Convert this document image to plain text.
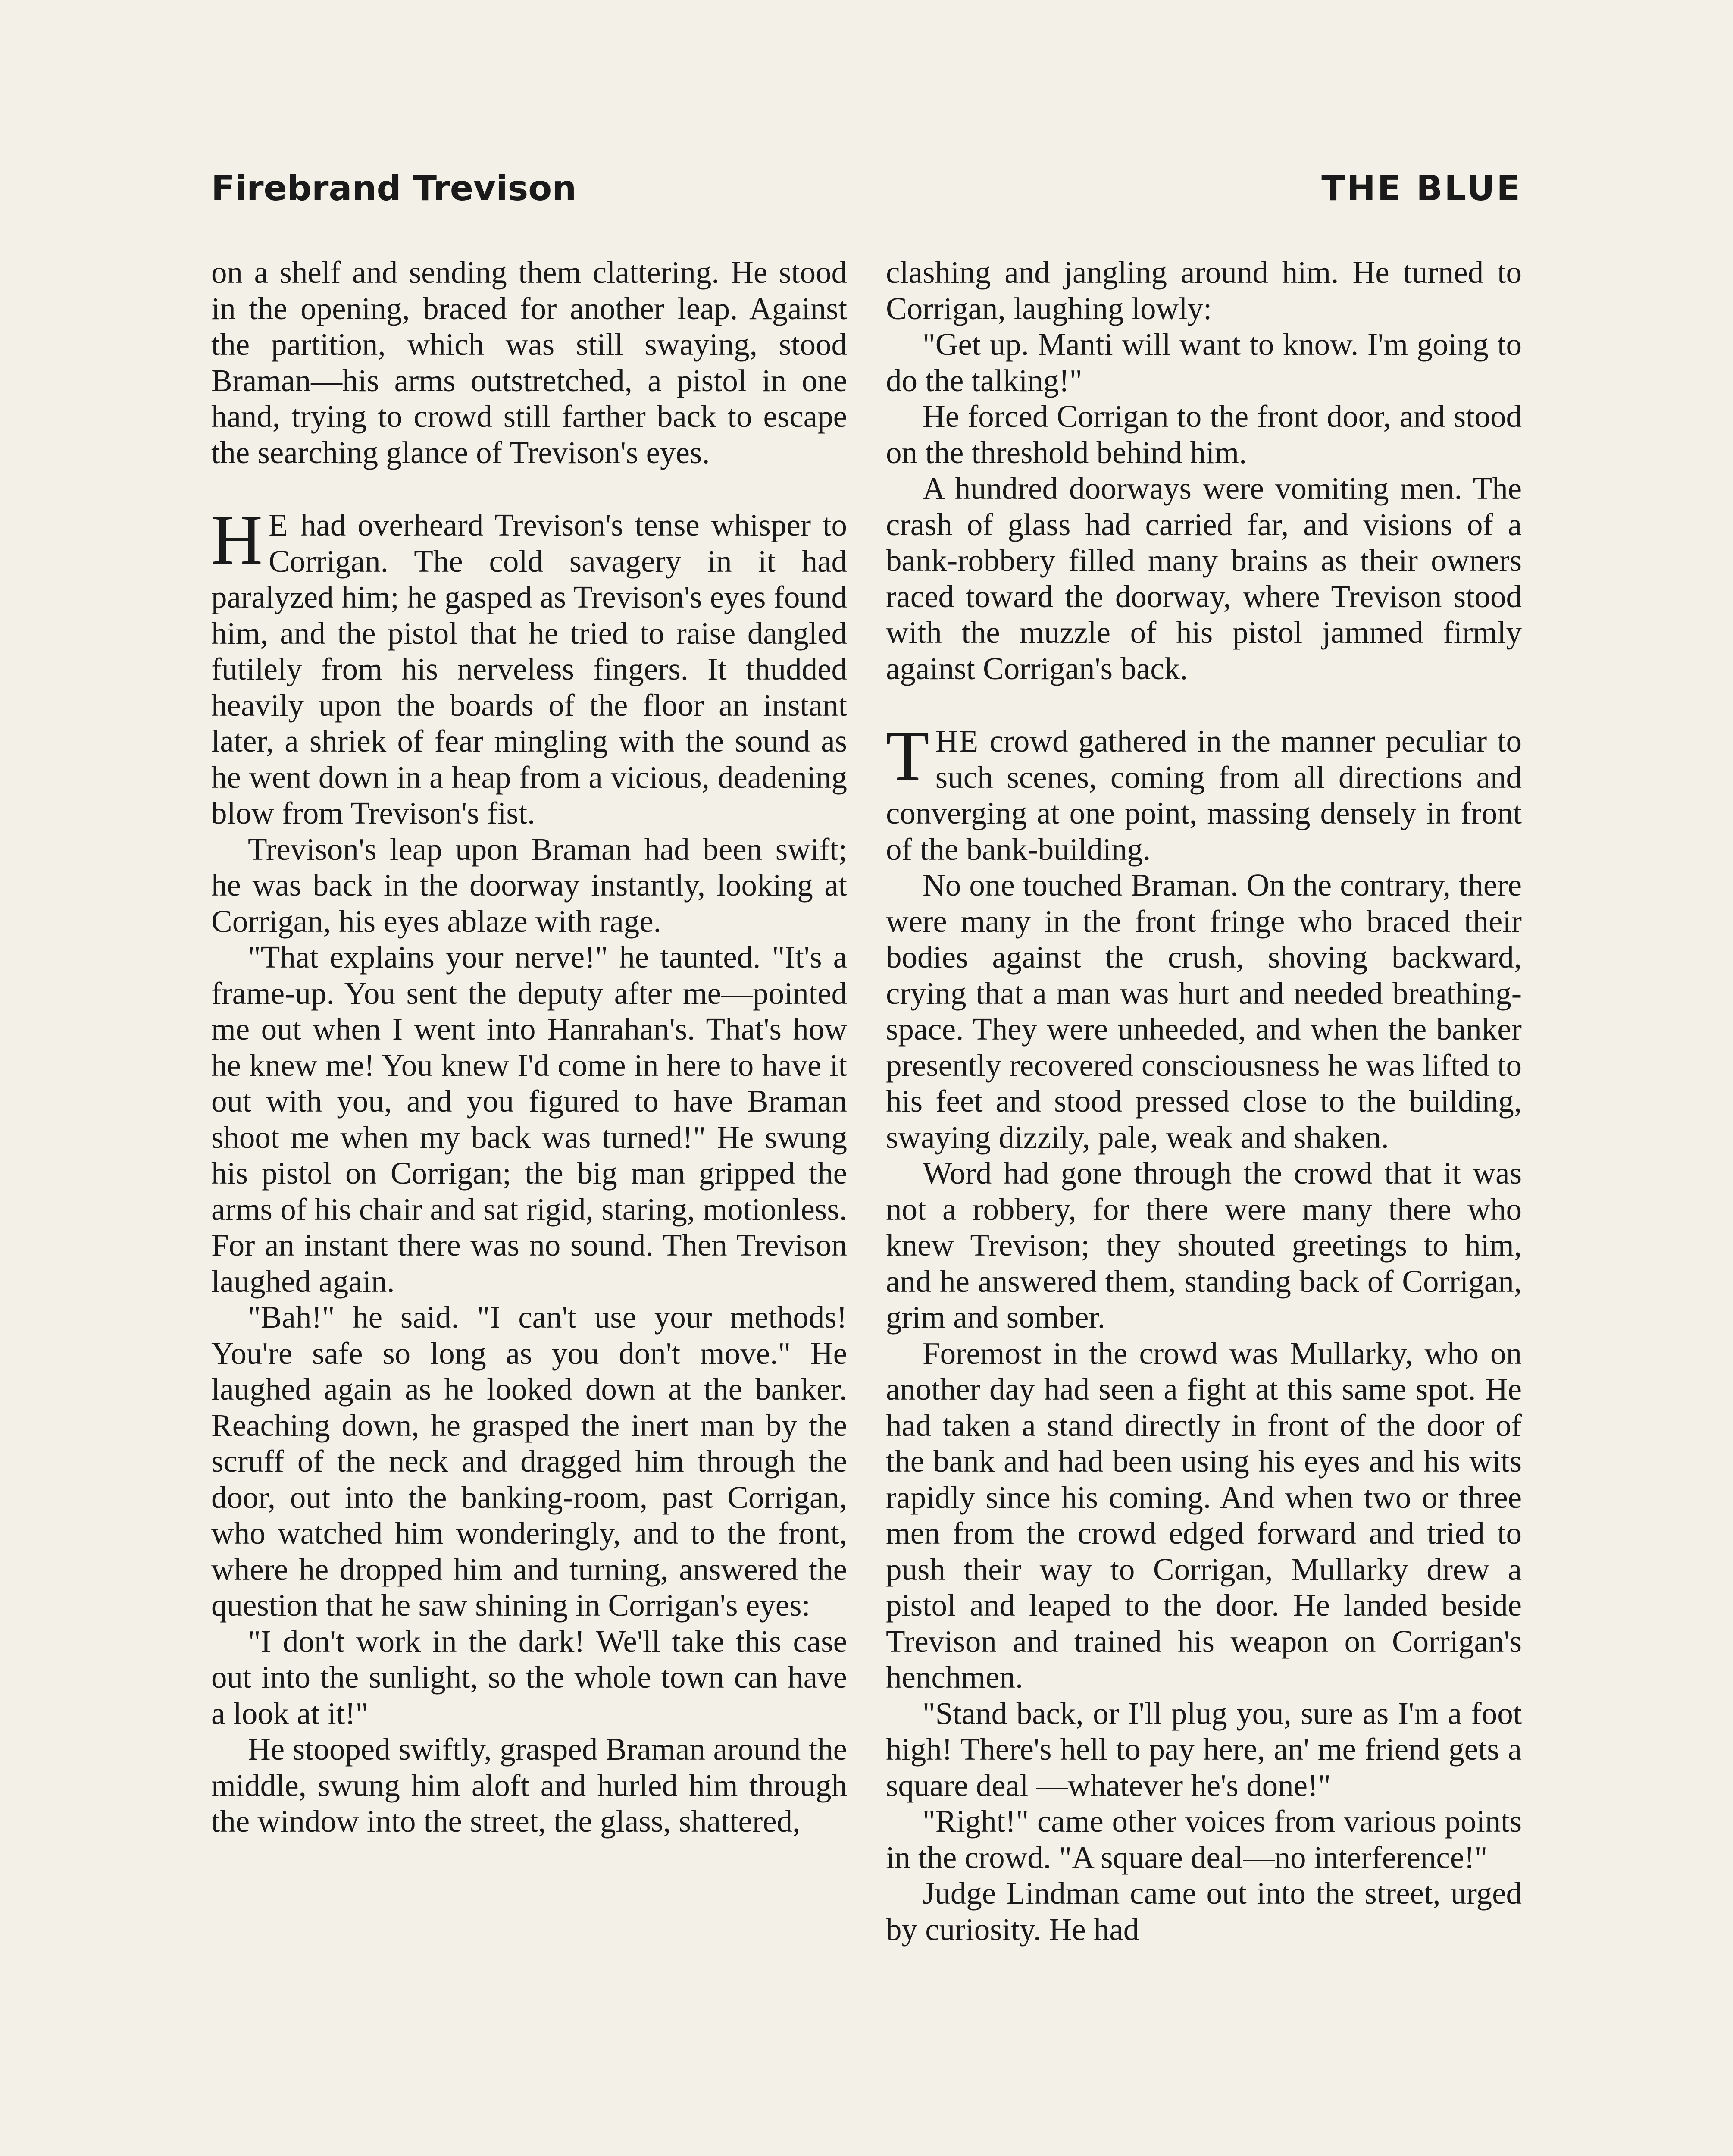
Firebrand Trevison	THE BLUE

on a shelf and sending them clattering. He stood in the opening, braced for another leap. Against the partition, which was still swaying, stood Braman—his arms outstretched, a pistol in one hand, trying to crowd still farther back to escape the searching glance of Trevison's eyes.

H E had overheard Trevison's tense whisper to Corrigan. The cold savagery in it had paralyzed him; he gasped as Trevison's eyes found him, and the pistol that he tried to raise dangled futilely from his nerveless fingers. It thudded heavily upon the boards of the floor an instant later, a shriek of fear mingling with the sound as he went down in a heap from a vicious, deadening blow from Trevison's fist.

Trevison's leap upon Braman had been swift; he was back in the doorway instantly, looking at Corrigan, his eyes ablaze with rage.

"That explains your nerve!" he taunted. "It's a frame-up. You sent the deputy after me—pointed me out when I went into Hanrahan's. That's how he knew me! You knew I'd come in here to have it out with you, and you figured to have Braman shoot me when my back was turned!" He swung his pistol on Corrigan; the big man gripped the arms of his chair and sat rigid, staring, motionless. For an instant there was no sound. Then Trevison laughed again.

"Bah!" he said. "I can't use your methods! You're safe so long as you don't move." He laughed again as he looked down at the banker. Reaching down, he grasped the inert man by the scruff of the neck and dragged him through the door, out into the banking-room, past Corrigan, who watched him wonderingly, and to the front, where he dropped him and turning, answered the question that he saw shining in Corrigan's eyes:

"I don't work in the dark! We'll take this case out into the sunlight, so the whole town can have a look at it!"

He stooped swiftly, grasped Braman around the middle, swung him aloft and hurled him through the window into the street, the glass, shattered,

clashing and jangling around him. He turned to Corrigan, laughing lowly:

"Get up. Manti will want to know. I'm going to do the talking!"

He forced Corrigan to the front door, and stood on the threshold behind him.

A hundred doorways were vomiting men. The crash of glass had carried far, and visions of a bank-robbery filled many brains as their owners raced toward the doorway, where Trevison stood with the muzzle of his pistol jammed firmly against Corrigan's back.

T HE crowd gathered in the manner peculiar to such scenes, coming from all directions and converging at one point, massing densely in front of the bank-building.

No one touched Braman. On the contrary, there were many in the front fringe who braced their bodies against the crush, shoving backward, crying that a man was hurt and needed breathing-space. They were unheeded, and when the banker presently recovered consciousness he was lifted to his feet and stood pressed close to the building, swaying dizzily, pale, weak and shaken.

Word had gone through the crowd that it was not a robbery, for there were many there who knew Trevison; they shouted greetings to him, and he answered them, standing back of Corrigan, grim and somber.

Foremost in the crowd was Mullarky, who on another day had seen a fight at this same spot. He had taken a stand directly in front of the door of the bank and had been using his eyes and his wits rapidly since his coming. And when two or three men from the crowd edged forward and tried to push their way to Corrigan, Mullarky drew a pistol and leaped to the door. He landed beside Trevison and trained his weapon on Corrigan's henchmen.

"Stand back, or I'll plug you, sure as I'm a foot high! There's hell to pay here, an' me friend gets a square deal —whatever he's done!"

"Right!" came other voices from various points in the crowd. "A square deal—no interference!"

Judge Lindman came out into the street, urged by curiosity. He had
